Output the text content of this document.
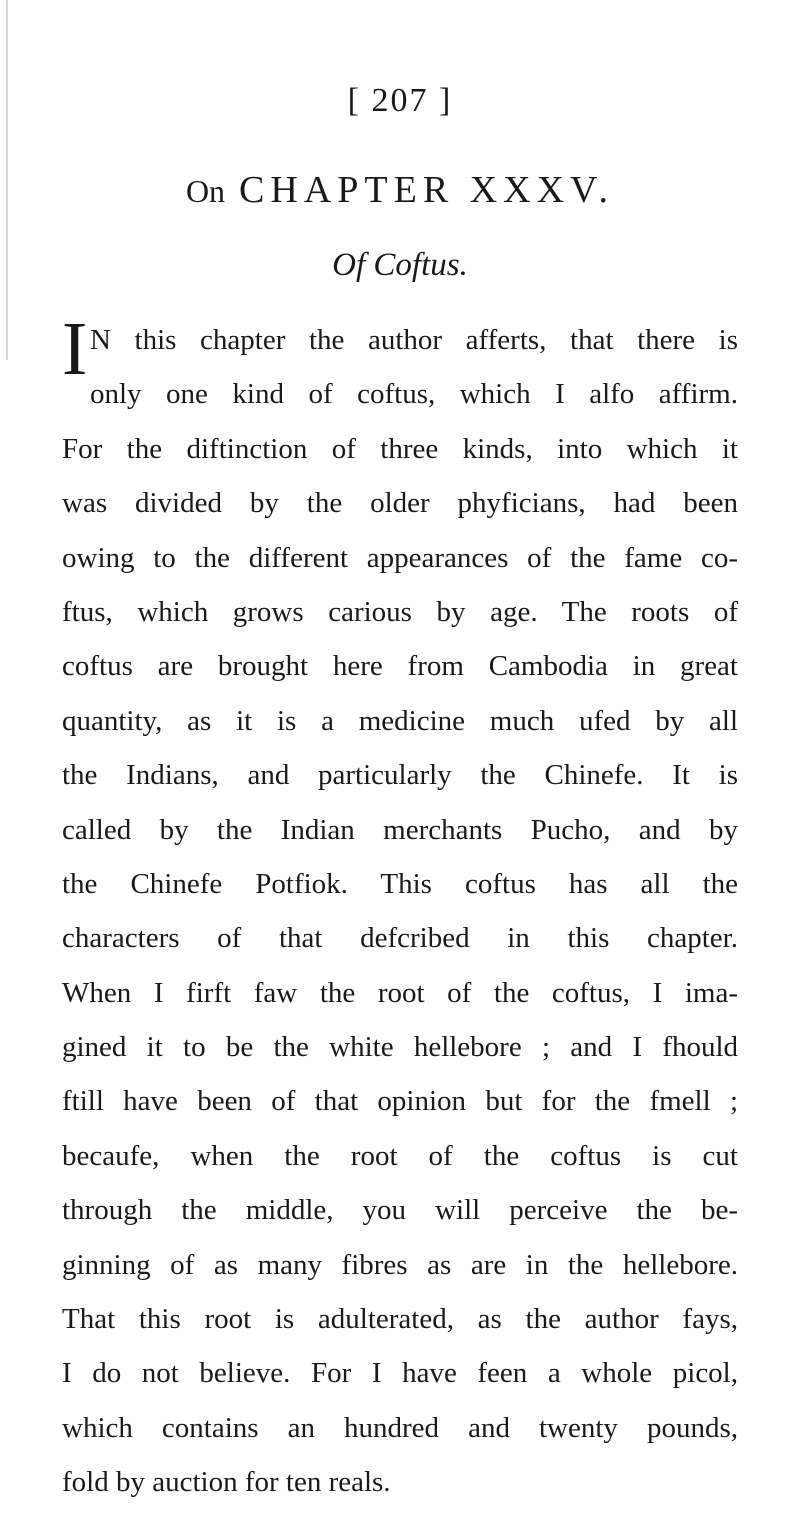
[ 207 ]
On CHAPTER XXXV.
Of Coftus.
I N this chapter the author afferts, that there is
only one kind of coftus, which I alfo affirm.
For the diftinction of three kinds, into which it
was divided by the older phyficians, had been
owing to the different appearances of the fame co-
ftus, which grows carious by age. The roots of
coftus are brought here from Cambodia in great
quantity, as it is a medicine much ufed by all
the Indians, and particularly the Chinefe. It is
called by the Indian merchants Pucho, and by
the Chinefe Potfiok. This coftus has all the
characters of that defcribed in this chapter.
When I firft faw the root of the coftus, I ima-
gined it to be the white hellebore ; and I fhould
ftill have been of that opinion but for the fmell ;
becaufe, when the root of the coftus is cut
through the middle, you will perceive the be-
ginning of as many fibres as are in the hellebore.
That this root is adulterated, as the author fays,
I do not believe. For I have feen a whole picol,
which contains an hundred and twenty pounds,
fold by auction for ten reals.
